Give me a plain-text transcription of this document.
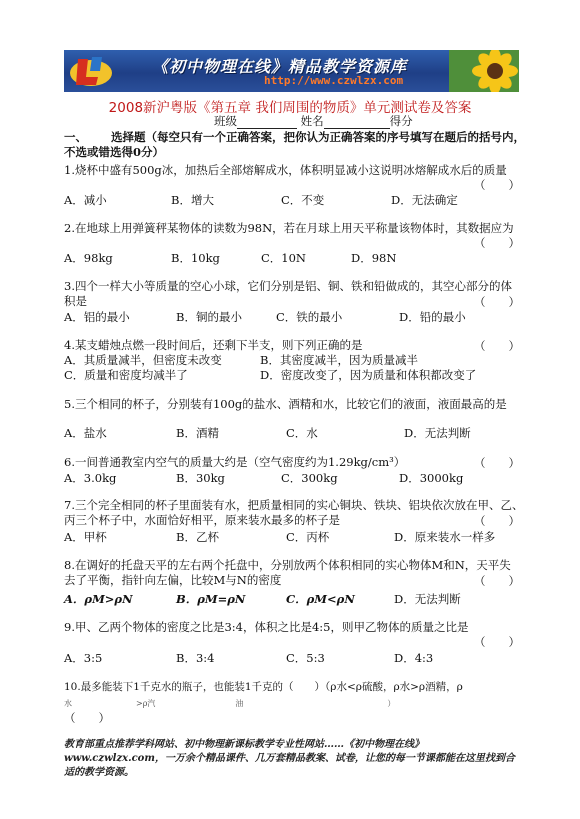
《初中物理在线》精品教学资源库
http://www.czwlzx.com
2008新沪粤版《第五章 我们周围的物质》单元测试卷及答案
班级	姓名	得分
一、 选择题（每空只有一个正确答案，把你认为正确答案的序号填写在题后的括号内，
不选或错选得0分）
1.烧杯中盛有500g冰，加热后全部熔解成水，体积明显减小这说明冰熔解成水后的质量
（　　）
A．减小	B．增大	C．不变	D．无法确定
2.在地球上用弹簧秤某物体的读数为98N，若在月球上用天平称量该物体时，其数据应为
（　　）
A．98kg	B．10kg	C．10N	D．98N
3.四个一样大小等质量的空心小球，它们分别是铝、铜、铁和铅做成的，其空心部分的体
积是	（　　）
A．铝的最小	B．铜的最小	C．铁的最小	D．铅的最小
4.某支蜡烛点燃一段时间后，还剩下半支，则下列正确的是	（　　）
A．其质量减半，但密度未改变	B．其密度减半，因为质量减半
C．质量和密度均减半了	D．密度改变了，因为质量和体积都改变了
5.三个相同的杯子，分别装有100g的盐水、酒精和水，比较它们的液面，液面最高的是
A．盐水	B．酒精	C．水	D．无法判断
6.一间普通教室内空气的质量大约是（空气密度约为1.29kg/cm³）	（　　）
A．3.0kg	B．30kg	C．300kg	D．3000kg
7.三个完全相同的杯子里面装有水，把质量相同的实心铜块、铁块、铝块依次放在甲、乙、
丙三个杯子中，水面恰好相平，原来装水最多的杯子是	（　　）
A．甲杯	B．乙杯	C．丙杯	D．原来装水一样多
8.在调好的托盘天平的左右两个托盘中，分别放两个体积相同的实心物体M和N，天平失
去了平衡，指针向左偏，比较M与N的密度	（　　）
A．ρM>ρN	B．ρM=ρN	C．ρM<ρN	D．无法判断
9.甲、乙两个物体的密度之比是3:4，体积之比是4:5，则甲乙物体的质量之比是
（　　）
A．3:5	B．3:4	C．5:3	D．4:3
10.最多能装下1千克水的瓶子，也能装1千克的（　　）（ρ水<ρ硫酸，ρ水>ρ酒精，ρ
水　　　　　　　　>ρ汽　　　　　　　　　　油　　　　　　　　　　　　　　　　　　）
（　　）
教育部重点推荐学科网站、初中物理新课标教学专业性网站……《初中物理在线》www.czwlzx.com，一万余个精品课件、几万套精品教案、试卷，让您的每一节课都能在这里找到合适的教学资源。
